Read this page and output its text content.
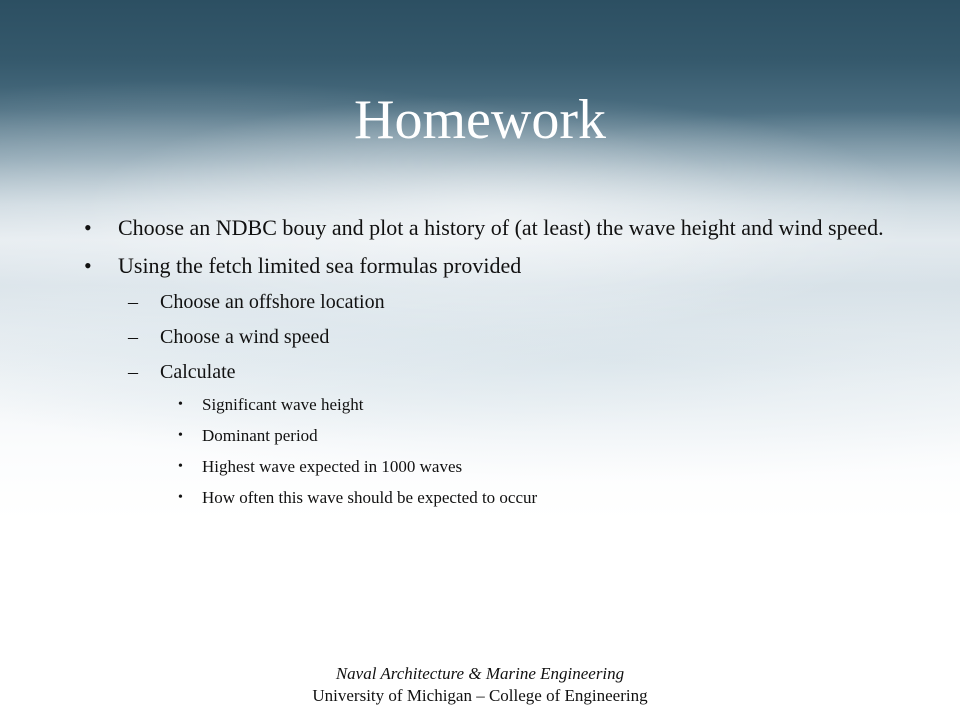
Homework
• Choose an NDBC bouy and plot a history of (at least) the wave height and wind speed.
• Using the fetch limited sea formulas provided
– Choose an offshore location
– Choose a wind speed
– Calculate
• Significant wave height
• Dominant period
• Highest wave expected in 1000 waves
• How often this wave should be expected to occur
Naval Architecture & Marine Engineering
University of Michigan – College of Engineering
